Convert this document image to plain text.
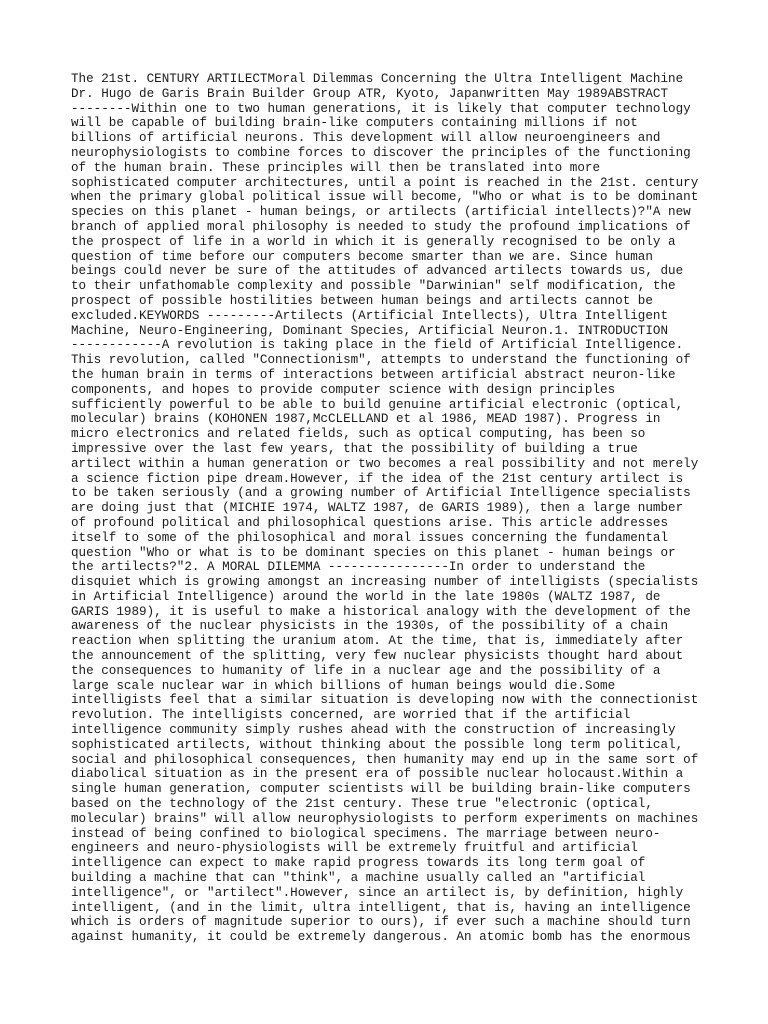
The 21st. CENTURY ARTILECTMoral Dilemmas Concerning the Ultra Intelligent Machine
Dr. Hugo de Garis Brain Builder Group ATR, Kyoto, Japanwritten May 1989ABSTRACT
--------Within one to two human generations, it is likely that computer technology
will be capable of building brain-like computers containing millions if not
billions of artificial neurons. This development will allow neuroengineers and
neurophysiologists to combine forces to discover the principles of the functioning
of the human brain. These principles will then be translated into more
sophisticated computer architectures, until a point is reached in the 21st. century
when the primary global political issue will become, "Who or what is to be dominant
species on this planet - human beings, or artilects (artificial intellects)?"A new
branch of applied moral philosophy is needed to study the profound implications of
the prospect of life in a world in which it is generally recognised to be only a
question of time before our computers become smarter than we are. Since human
beings could never be sure of the attitudes of advanced artilects towards us, due
to their unfathomable complexity and possible "Darwinian" self modification, the
prospect of possible hostilities between human beings and artilects cannot be
excluded.KEYWORDS ---------Artilects (Artificial Intellects), Ultra Intelligent
Machine, Neuro-Engineering, Dominant Species, Artificial Neuron.1. INTRODUCTION
------------A revolution is taking place in the field of Artificial Intelligence.
This revolution, called "Connectionism", attempts to understand the functioning of
the human brain in terms of interactions between artificial abstract neuron-like
components, and hopes to provide computer science with design principles
sufficiently powerful to be able to build genuine artificial electronic (optical,
molecular) brains (KOHONEN 1987,McCLELLAND et al 1986, MEAD 1987). Progress in
micro electronics and related fields, such as optical computing, has been so
impressive over the last few years, that the possibility of building a true
artilect within a human generation or two becomes a real possibility and not merely
a science fiction pipe dream.However, if the idea of the 21st century artilect is
to be taken seriously (and a growing number of Artificial Intelligence specialists
are doing just that (MICHIE 1974, WALTZ 1987, de GARIS 1989), then a large number
of profound political and philosophical questions arise. This article addresses
itself to some of the philosophical and moral issues concerning the fundamental
question "Who or what is to be dominant species on this planet - human beings or
the artilects?"2. A MORAL DILEMMA ----------------In order to understand the
disquiet which is growing amongst an increasing number of intelligists (specialists
in Artificial Intelligence) around the world in the late 1980s (WALTZ 1987, de
GARIS 1989), it is useful to make a historical analogy with the development of the
awareness of the nuclear physicists in the 1930s, of the possibility of a chain
reaction when splitting the uranium atom. At the time, that is, immediately after
the announcement of the splitting, very few nuclear physicists thought hard about
the consequences to humanity of life in a nuclear age and the possibility of a
large scale nuclear war in which billions of human beings would die.Some
intelligists feel that a similar situation is developing now with the connectionist
revolution. The intelligists concerned, are worried that if the artificial
intelligence community simply rushes ahead with the construction of increasingly
sophisticated artilects, without thinking about the possible long term political,
social and philosophical consequences, then humanity may end up in the same sort of
diabolical situation as in the present era of possible nuclear holocaust.Within a
single human generation, computer scientists will be building brain-like computers
based on the technology of the 21st century. These true "electronic (optical,
molecular) brains" will allow neurophysiologists to perform experiments on machines
instead of being confined to biological specimens. The marriage between neuro-
engineers and neuro-physiologists will be extremely fruitful and artificial
intelligence can expect to make rapid progress towards its long term goal of
building a machine that can "think", a machine usually called an "artificial
intelligence", or "artilect".However, since an artilect is, by definition, highly
intelligent, (and in the limit, ultra intelligent, that is, having an intelligence
which is orders of magnitude superior to ours), if ever such a machine should turn
against humanity, it could be extremely dangerous. An atomic bomb has the enormous
